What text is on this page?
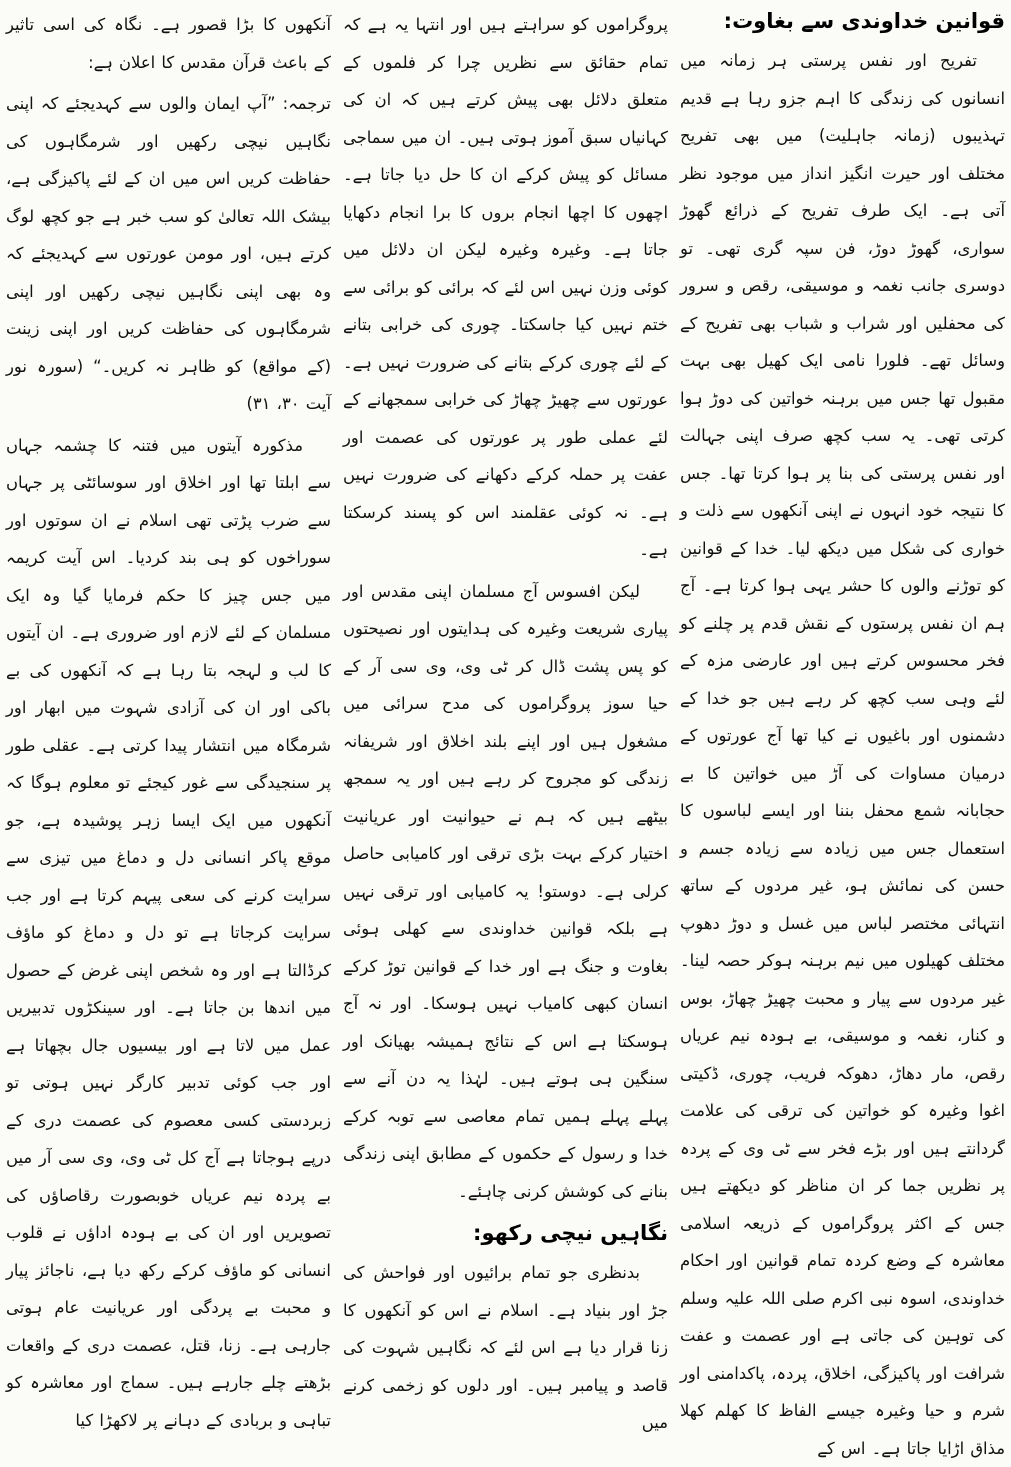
قوانین خداوندی سے بغاوت:

تفریح اور نفس پرستی ہر زمانہ میں انسانوں کی زندگی کا اہم جزو رہا ہے قدیم تہذیبوں (زمانہ جاہلیت) میں بھی تفریح مختلف اور حیرت انگیز انداز میں موجود نظر آتی ہے۔ ایک طرف تفریح کے ذرائع گھوڑ سواری، گھوڑ دوڑ، فن سپہ گری تھی۔ تو دوسری جانب نغمہ و موسیقی، رقص و سرور کی محفلیں اور شراب و شباب بھی تفریح کے وسائل تھے۔ فلورا نامی ایک کھیل بھی بہت مقبول تھا جس میں برہنہ خواتین کی دوڑ ہوا کرتی تھی۔ یہ سب کچھ صرف اپنی جہالت اور نفس پرستی کی بنا پر ہوا کرتا تھا۔ جس کا نتیجہ خود انہوں نے اپنی آنکھوں سے ذلت و خواری کی شکل میں دیکھ لیا۔ خدا کے قوانین کو توڑنے والوں کا حشر یہی ہوا کرتا ہے۔ آج ہم ان نفس پرستوں کے نقش قدم پر چلنے کو فخر محسوس کرتے ہیں اور عارضی مزہ کے لئے وہی سب کچھ کر رہے ہیں جو خدا کے دشمنوں اور باغیوں نے کیا تھا آج عورتوں کے درمیان مساوات کی آڑ میں خواتین کا بے حجابانہ شمع محفل بننا اور ایسے لباسوں کا استعمال جس میں زیادہ سے زیادہ جسم و حسن کی نمائش ہو، غیر مردوں کے ساتھ انتہائی مختصر لباس میں غسل و دوڑ دھوپ مختلف کھیلوں میں نیم برہنہ ہوکر حصہ لینا۔ غیر مردوں سے پیار و محبت چھیڑ چھاڑ، بوس و کنار، نغمہ و موسیقی، بے ہودہ نیم عریاں رقص، مار دھاڑ، دھوکہ فریب، چوری، ڈکیتی اغوا وغیرہ کو خواتین کی ترقی کی علامت گردانتے ہیں اور بڑے فخر سے ٹی وی کے پردہ پر نظریں جما کر ان مناظر کو دیکھتے ہیں جس کے اکثر پروگراموں کے ذریعہ اسلامی معاشرہ کے وضع کردہ تمام قوانین اور احکام خداوندی، اسوہ نبی اکرم صلی اللہ علیہ وسلم کی توہین کی جاتی ہے اور عصمت و عفت شرافت اور پاکیزگی، اخلاق، پردہ، پاکدامنی اور شرم و حیا وغیرہ جیسے الفاظ کا کھلم کھلا مذاق اڑایا جاتا ہے۔ اس کے

پروگراموں کو سراہتے ہیں اور انتہا یہ ہے کہ تمام حقائق سے نظریں چرا کر فلموں کے متعلق دلائل بھی پیش کرتے ہیں کہ ان کی کہانیاں سبق آموز ہوتی ہیں۔ ان میں سماجی مسائل کو پیش کرکے ان کا حل دیا جاتا ہے۔ اچھوں کا اچھا انجام بروں کا برا انجام دکھایا جاتا ہے۔ وغیرہ وغیرہ لیکن ان دلائل میں کوئی وزن نہیں اس لئے کہ برائی کو برائی سے ختم نہیں کیا جاسکتا۔ چوری کی خرابی بتانے کے لئے چوری کرکے بتانے کی ضرورت نہیں ہے۔ عورتوں سے چھیڑ چھاڑ کی خرابی سمجھانے کے لئے عملی طور پر عورتوں کی عصمت اور عفت پر حملہ کرکے دکھانے کی ضرورت نہیں ہے۔ نہ کوئی عقلمند اس کو پسند کرسکتا ہے۔

لیکن افسوس آج مسلمان اپنی مقدس اور پیاری شریعت وغیرہ کی ہدایتوں اور نصیحتوں کو پس پشت ڈال کر ٹی وی، وی سی آر کے حیا سوز پروگراموں کی مدح سرائی میں مشغول ہیں اور اپنے بلند اخلاق اور شریفانہ زندگی کو مجروح کر رہے ہیں اور یہ سمجھ بیٹھے ہیں کہ ہم نے حیوانیت اور عریانیت اختیار کرکے بہت بڑی ترقی اور کامیابی حاصل کرلی ہے۔ دوستو! یہ کامیابی اور ترقی نہیں ہے بلکہ قوانین خداوندی سے کھلی ہوئی بغاوت و جنگ ہے اور خدا کے قوانین توڑ کرکے انسان کبھی کامیاب نہیں ہوسکا۔ اور نہ آج ہوسکتا ہے اس کے نتائج ہمیشہ بھیانک اور سنگین ہی ہوتے ہیں۔ لہٰذا یہ دن آنے سے پہلے پہلے ہمیں تمام معاصی سے توبہ کرکے خدا و رسول کے حکموں کے مطابق اپنی زندگی بنانے کی کوشش کرنی چاہئے۔

نگاہیں نیچی رکھو:

بدنظری جو تمام برائیوں اور فواحش کی جڑ اور بنیاد ہے۔ اسلام نے اس کو آنکھوں کا زنا قرار دیا ہے اس لئے کہ نگاہیں شہوت کی قاصد و پیامبر ہیں۔ اور دلوں کو زخمی کرنے میں

آنکھوں کا بڑا قصور ہے۔ نگاہ کی اسی تاثیر کے باعث قرآن مقدس کا اعلان ہے:

ترجمہ: ”آپ ایمان والوں سے کہدیجئے کہ اپنی نگاہیں نیچی رکھیں اور شرمگاہوں کی حفاظت کریں اس میں ان کے لئے پاکیزگی ہے، بیشک اللہ تعالیٰ کو سب خبر ہے جو کچھ لوگ کرتے ہیں، اور مومن عورتوں سے کہدیجئے کہ وہ بھی اپنی نگاہیں نیچی رکھیں اور اپنی شرمگاہوں کی حفاظت کریں اور اپنی زینت (کے مواقع) کو ظاہر نہ کریں۔“ (سورہ نور آیت ۳۰، ۳۱)

مذکورہ آیتوں میں فتنہ کا چشمہ جہاں سے ابلتا تھا اور اخلاق اور سوسائٹی پر جہاں سے ضرب پڑتی تھی اسلام نے ان سوتوں اور سوراخوں کو ہی بند کردیا۔ اس آیت کریمہ میں جس چیز کا حکم فرمایا گیا وہ ایک مسلمان کے لئے لازم اور ضروری ہے۔ ان آیتوں کا لب و لہجہ بتا رہا ہے کہ آنکھوں کی بے باکی اور ان کی آزادی شہوت میں ابھار اور شرمگاہ میں انتشار پیدا کرتی ہے۔ عقلی طور پر سنجیدگی سے غور کیجئے تو معلوم ہوگا کہ آنکھوں میں ایک ایسا زہر پوشیدہ ہے، جو موقع پاکر انسانی دل و دماغ میں تیزی سے سرایت کرنے کی سعی پیہم کرتا ہے اور جب سرایت کرجاتا ہے تو دل و دماغ کو ماؤف کرڈالتا ہے اور وہ شخص اپنی غرض کے حصول میں اندھا بن جاتا ہے۔ اور سینکڑوں تدبیریں عمل میں لاتا ہے اور بیسیوں جال بچھاتا ہے اور جب کوئی تدبیر کارگر نہیں ہوتی تو زبردستی کسی معصوم کی عصمت دری کے درپے ہوجاتا ہے آج کل ٹی وی، وی سی آر میں بے پردہ نیم عریاں خوبصورت رقاصاؤں کی تصویریں اور ان کی بے ہودہ اداؤں نے قلوب انسانی کو ماؤف کرکے رکھ دیا ہے، ناجائز پیار و محبت بے پردگی اور عریانیت عام ہوتی جارہی ہے۔ زنا، قتل، عصمت دری کے واقعات بڑھتے چلے جارہے ہیں۔ سماج اور معاشرہ کو تباہی و بربادی کے دہانے پر لاکھڑا کیا
